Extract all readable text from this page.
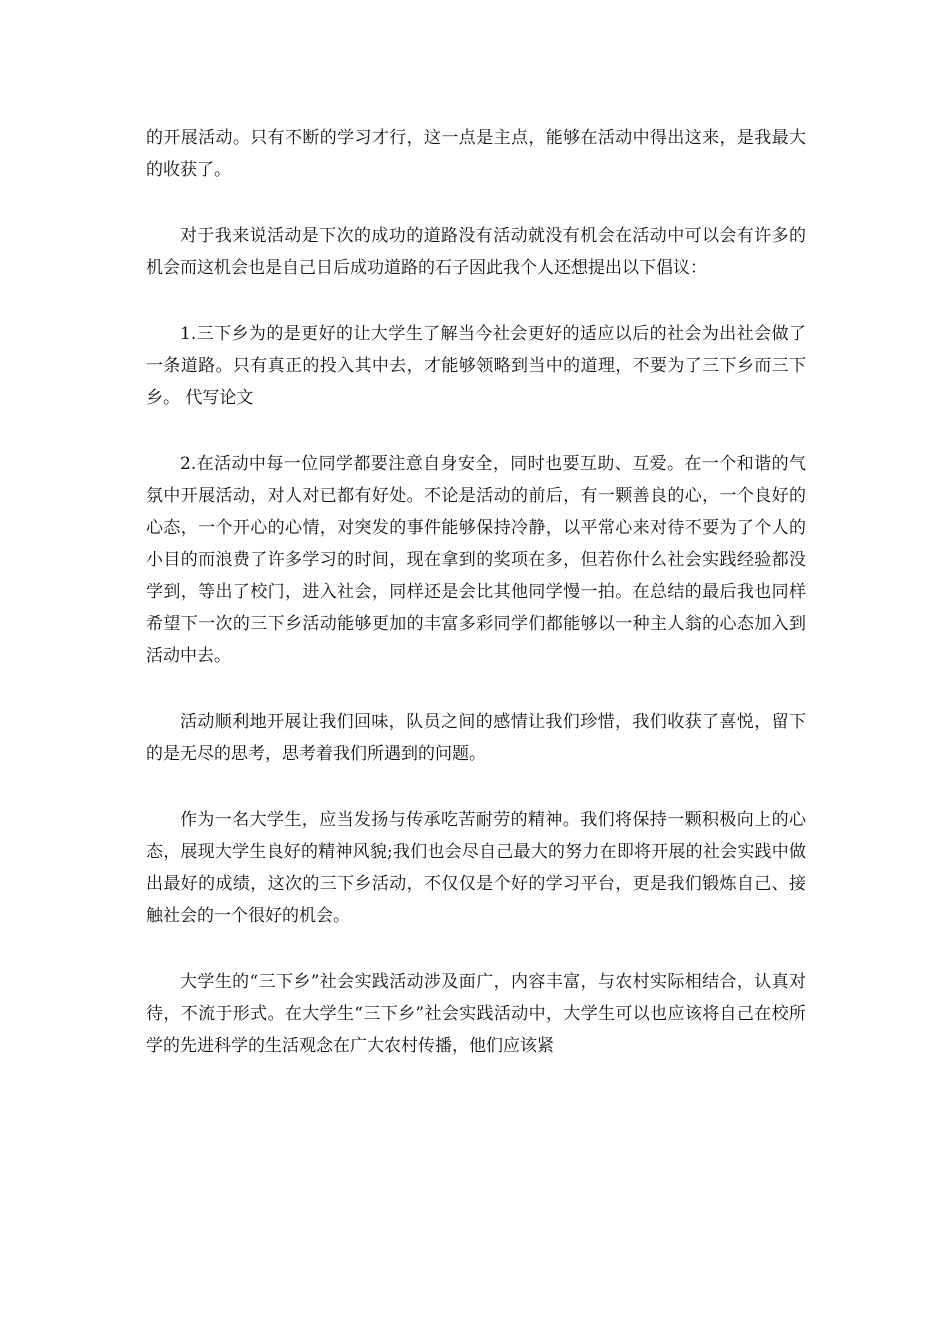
的开展活动。只有不断的学习才行，这一点是主点，能够在活动中得出这来，是我最大的收获了。

对于我来说活动是下次的成功的道路没有活动就没有机会在活动中可以会有许多的机会而这机会也是自己日后成功道路的石子因此我个人还想提出以下倡议：

1.三下乡为的是更好的让大学生了解当今社会更好的适应以后的社会为出社会做了一条道路。只有真正的投入其中去，才能够领略到当中的道理，不要为了三下乡而三下乡。 代写论文

2.在活动中每一位同学都要注意自身安全，同时也要互助、互爱。在一个和谐的气氛中开展活动，对人对已都有好处。不论是活动的前后，有一颗善良的心，一个良好的心态，一个开心的心情，对突发的事件能够保持冷静，以平常心来对待不要为了个人的小目的而浪费了许多学习的时间，现在拿到的奖项在多，但若你什么社会实践经验都没学到，等出了校门，进入社会，同样还是会比其他同学慢一拍。在总结的最后我也同样希望下一次的三下乡活动能够更加的丰富多彩同学们都能够以一种主人翁的心态加入到活动中去。

活动顺利地开展让我们回味，队员之间的感情让我们珍惜，我们收获了喜悦，留下的是无尽的思考，思考着我们所遇到的问题。

作为一名大学生，应当发扬与传承吃苦耐劳的精神。我们将保持一颗积极向上的心态，展现大学生良好的精神风貌;我们也会尽自己最大的努力在即将开展的社会实践中做出最好的成绩，这次的三下乡活动，不仅仅是个好的学习平台，更是我们锻炼自己、接触社会的一个很好的机会。

大学生的“三下乡”社会实践活动涉及面广，内容丰富，与农村实际相结合，认真对待，不流于形式。在大学生“三下乡”社会实践活动中，大学生可以也应该将自己在校所学的先进科学的生活观念在广大农村传播，他们应该紧
